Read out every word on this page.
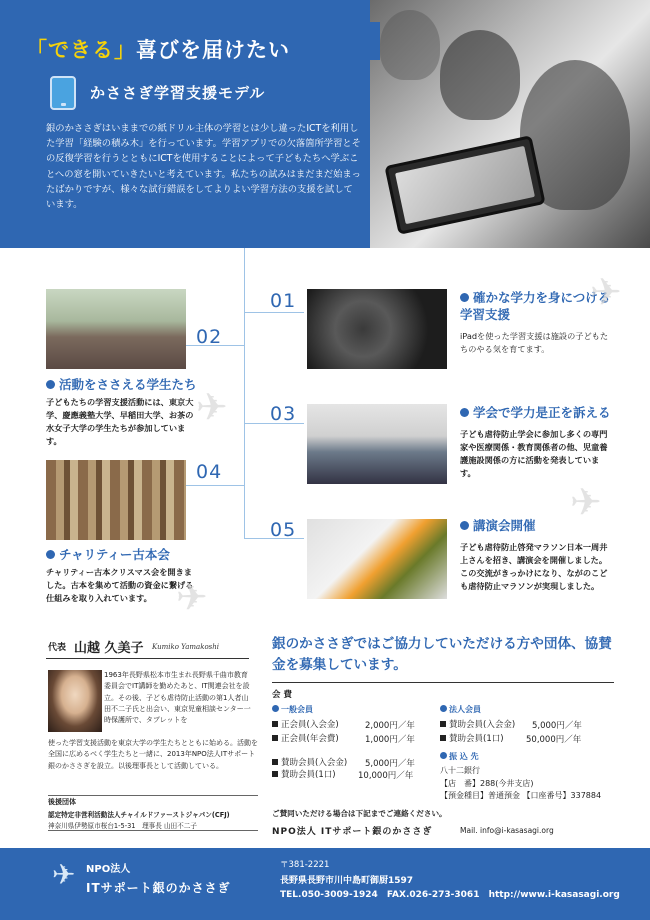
「できる」喜びを届けたい
かささぎ学習支援モデル
銀のかささぎはいままでの紙ドリル主体の学習とは少し違ったICTを利用した学習「経験の積み木」を行っています。学習アプリでの欠落箇所学習とその反復学習を行うとともにICTを使用することによって子どもたちへ学ぶことへの窓を開いていきたいと考えています。私たちの試みはまだまだ始まったばかりですが、様々な試行錯誤をしてよりよい学習方法の支援を試しています。
01
02
03
04
05
確かな学力を身につける学習支援
iPadを使った学習支援は施設の子どもたちのやる気を育てます。
活動をささえる学生たち
子どもたちの学習支援活動には、東京大学、慶應義塾大学、早稲田大学、お茶の水女子大学の学生たちが参加しています。
学会で学力是正を訴える
子ども虐待防止学会に参加し多くの専門家や医療関係・教育関係者の他、児童養護施設関係の方に活動を発表しています。
チャリティー古本会
チャリティー古本クリスマス会を開きました。古本を集めて活動の資金に繋げる仕組みを取り入れています。
講演会開催
子ども虐待防止啓発マラソン日本一周井上さんを招き、講演会を開催しました。この交流がきっかけになり、ながのこども虐待防止マラソンが実現しました。
✈
✈
✈
✈
代表 山越 久美子 Kumiko Yamakoshi
1963年長野県松本市生まれ長野県千曲市教育委員会でIT講師を勤めたあと、IT関連会社を設立。その後、子ども虐待防止活動の第1人者山田不二子氏と出会い、東京児童相談センター一時保護所で、タブレットを
使った学習支援活動を東京大学の学生たちとともに始める。活動を全国に広めるべく学生たちと一緒に、2013年NPO法人ITサポート銀のかささぎを設立。以後理事長として活動している。
後援団体
認定特定非営利活動法人チャイルドファーストジャパン(CFJ)
神奈川県伊勢原市桜台1-5-31　 理事長 山田不二子
銀のかささぎではご協力していただける方や団体、協賛金を募集しています。
会 費
一般会員
正会員(入会金)	2,000円／年
正会員(年会費)	1,000円／年
賛助会員(入会金) 5,000円／年
賛助会員(1口)	10,000円／年
法人会員
賛助会員(入会金) 5,000円／年
賛助会員(1口)	50,000円／年
振 込 先
八十二銀行
【店　番】288(今井支店)
【預金種目】普通預金 【口座番号】337884
ご賛同いただける場合は下記までご連絡ください。
NPO法人 ITサポート銀のかささぎ	Mail. info@i-kasasagi.org
✈ NPO法人
ITサポート銀のかささぎ
〒381-2221
長野県長野市川中島町御厨1597
TEL.050-3009-1924 FAX.026-273-3061 http://www.i-kasasagi.org
